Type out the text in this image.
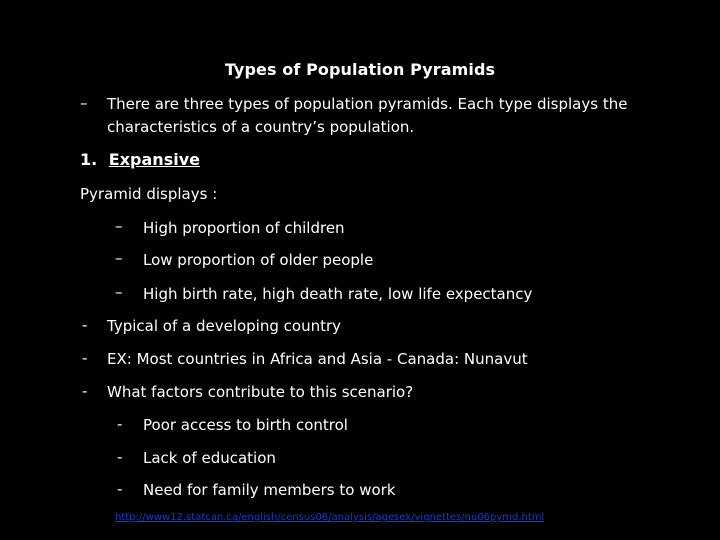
Types of Population Pyramids
– There are three types of population pyramids. Each type displays the
characteristics of a country’s population.
1. Expansive
Pyramid displays :
– High proportion of children
– Low proportion of older people
– High birth rate, high death rate, low life expectancy
- Typical of a developing country
- EX: Most countries in Africa and Asia - Canada: Nunavut
- What factors contribute to this scenario?
- Poor access to birth control
- Lack of education
- Need for family members to work
http://www12.statcan.ca/english/census06/analysis/agesex/vignettes/nu06pymd.html
